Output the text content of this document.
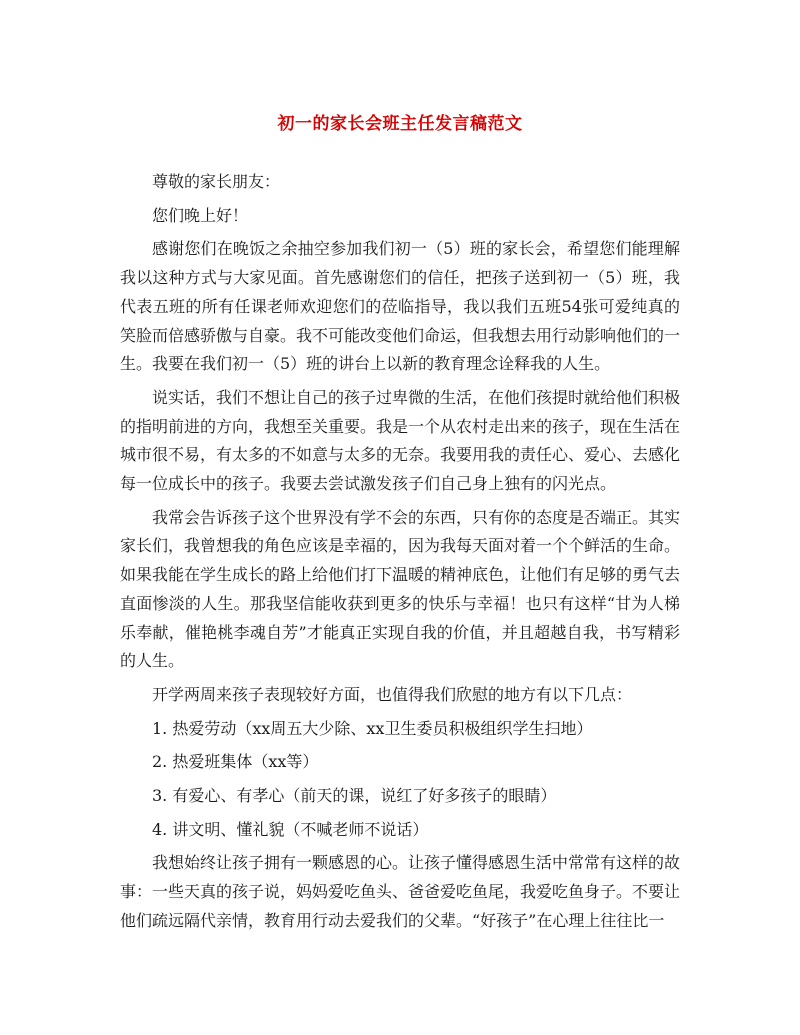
初一的家长会班主任发言稿范文

尊敬的家长朋友：

您们晚上好！

感谢您们在晚饭之余抽空参加我们初一（5）班的家长会，希望您们能理解我以这种方式与大家见面。首先感谢您们的信任，把孩子送到初一（5）班，我代表五班的所有任课老师欢迎您们的莅临指导，我以我们五班54张可爱纯真的笑脸而倍感骄傲与自豪。我不可能改变他们命运，但我想去用行动影响他们的一生。我要在我们初一（5）班的讲台上以新的教育理念诠释我的人生。

说实话，我们不想让自己的孩子过卑微的生活，在他们孩提时就给他们积极的指明前进的方向，我想至关重要。我是一个从农村走出来的孩子，现在生活在城市很不易，有太多的不如意与太多的无奈。我要用我的责任心、爱心、去感化每一位成长中的孩子。我要去尝试激发孩子们自己身上独有的闪光点。

我常会告诉孩子这个世界没有学不会的东西，只有你的态度是否端正。其实家长们，我曾想我的角色应该是幸福的，因为我每天面对着一个个鲜活的生命。如果我能在学生成长的路上给他们打下温暖的精神底色，让他们有足够的勇气去直面惨淡的人生。那我坚信能收获到更多的快乐与幸福！也只有这样“甘为人梯乐奉献，催艳桃李魂自芳”才能真正实现自我的价值，并且超越自我，书写精彩的人生。

开学两周来孩子表现较好方面，也值得我们欣慰的地方有以下几点：

1. 热爱劳动（xx周五大少除、xx卫生委员积极组织学生扫地）

2. 热爱班集体（xx等）

3. 有爱心、有孝心（前天的课，说红了好多孩子的眼睛）

4. 讲文明、懂礼貌（不喊老师不说话）

我想始终让孩子拥有一颗感恩的心。让孩子懂得感恩生活中常常有这样的故事：一些天真的孩子说，妈妈爱吃鱼头、爸爸爱吃鱼尾，我爱吃鱼身子。不要让他们疏远隔代亲情，教育用行动去爱我们的父辈。“好孩子”在心理上往往比一
